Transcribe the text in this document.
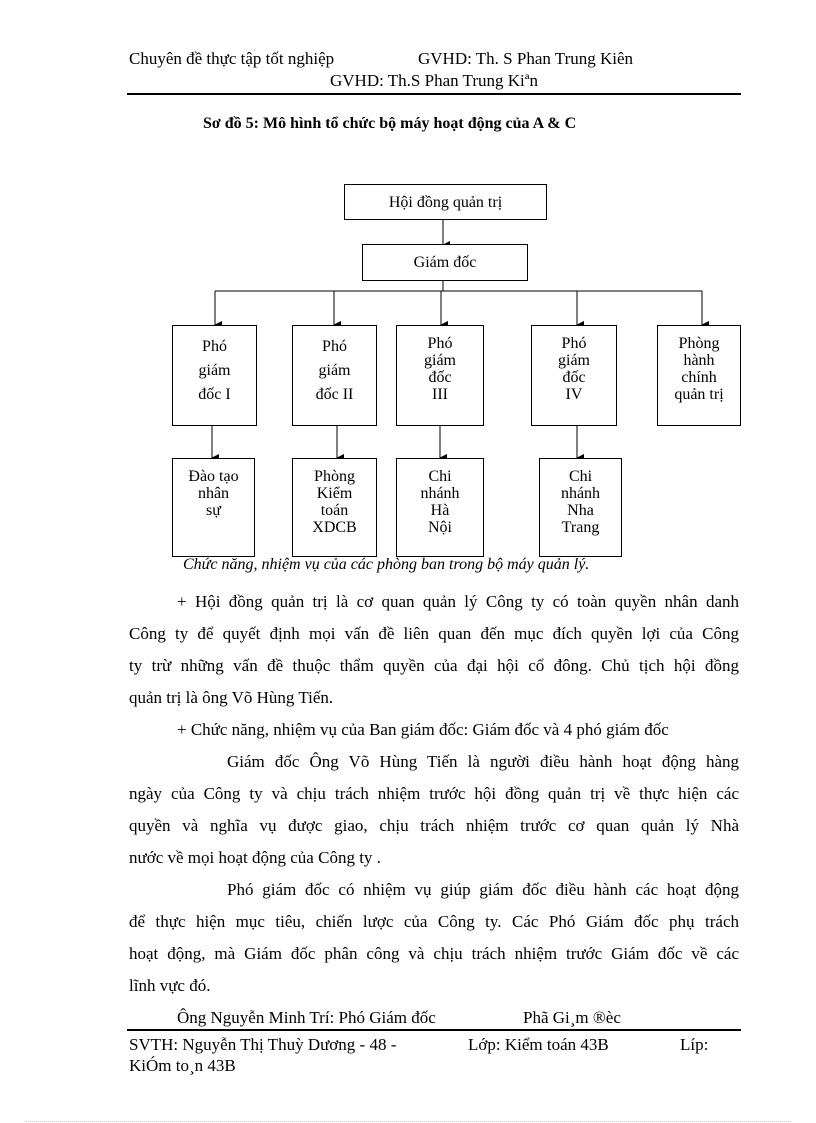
Chuyên đề thực tập tốt nghiệp	GVHD: Th. S Phan Trung Kiên
GVHD: Th.S Phan Trung Kiªn
Sơ đồ 5: Mô hình tổ chức bộ máy hoạt động của A & C
Hội đồng quản trị
Giám đốc
Phó
giám
đốc I
Phó
giám
đốc II
Phó
giám
đốc
III
Phó
giám
đốc
IV
Phòng
hành
chính
quản trị
Đào tạo
nhân
sự
Phòng
Kiểm
toán
XDCB
Chi
nhánh
Hà
Nội
Chi
nhánh
Nha
Trang
Chức năng, nhiệm vụ của các phòng ban trong bộ máy quản lý.
+ Hội đồng quản trị là cơ quan quản lý Công ty có toàn quyền nhân danh
Công ty để quyết định mọi vấn đề liên quan đến mục đích quyền lợi của Công
ty trừ những vấn đề thuộc thẩm quyền của đại hội cổ đông. Chủ tịch hội đồng
quản trị là ông Võ Hùng Tiến.
+ Chức năng, nhiệm vụ của Ban giám đốc: Giám đốc và 4 phó giám đốc
Giám đốc Ông Võ Hùng Tiến là người điều hành hoạt động hàng
ngày của Công ty và chịu trách nhiệm trước hội đồng quản trị về thực hiện các
quyền và nghĩa vụ được giao, chịu trách nhiệm trước cơ quan quản lý Nhà
nước về mọi hoạt động của Công ty .
Phó giám đốc có nhiệm vụ giúp giám đốc điều hành các hoạt động
để thực hiện mục tiêu, chiến lược của Công ty. Các Phó Giám đốc phụ trách
hoạt động, mà Giám đốc phân công và chịu trách nhiệm trước Giám đốc về các
lĩnh vực đó.
Ông Nguyễn Minh Trí: Phó Giám đốc	Phã Gi¸m ®èc
SVTH: Nguyễn Thị Thuỳ Dương - 48 -	Lớp: Kiểm toán 43B	Líp:
KiÓm to¸n 43B
